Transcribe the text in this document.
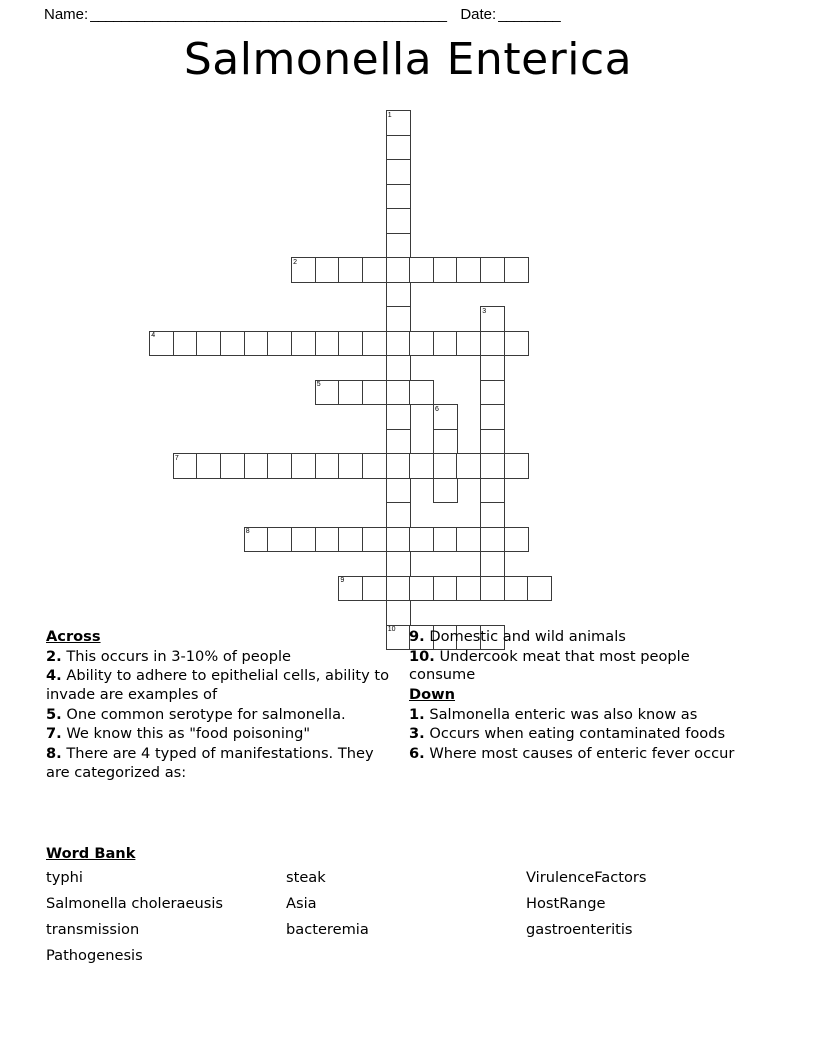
Name: ______________________________________________ Date: ________
Salmonella Enterica
1
2
3
4
5
6
7
8
9
10
Across
2. This occurs in 3-10% of people
4. Ability to adhere to epithelial cells, ability to invade are examples of
5. One common serotype for salmonella.
7. We know this as "food poisoning"
8. There are 4 typed of manifestations. They are categorized as:
9. Domestic and wild animals
10. Undercook meat that most people consume
Down
1. Salmonella enteric was also know as
3. Occurs when eating contaminated foods
6. Where most causes of enteric fever occur
Word Bank
typhi	steak	VirulenceFactors
Salmonella choleraeusis	Asia	HostRange
transmission	bacteremia	gastroenteritis
Pathogenesis
